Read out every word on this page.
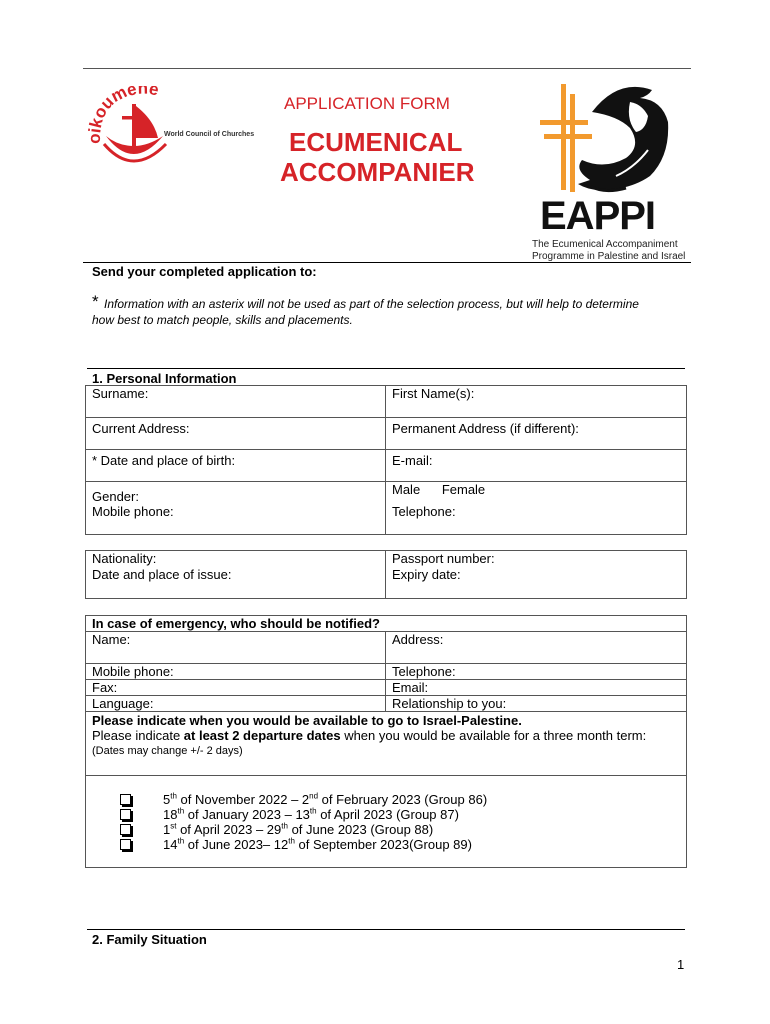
koumene
World Council of Churches
APPLICATION FORM
ECUMENICAL
ACCOMPANIER
EAPPI
The Ecumenical Accompaniment
Programme in Palestine and Israel
Send your completed application to:
* Information with an asterix will not be used as part of the selection process, but will help to determine
how best to match people, skills and placements.
1. Personal Information
Surname:	First Name(s):
Current Address:	Permanent Address (if different):
* Date and place of birth:	E-mail:
Gender:	Male Female
Mobile phone:	Telephone:
Nationality:	Passport number:
Date and place of issue:	Expiry date:
In case of emergency, who should be notified?	
Name:	Address:
Mobile phone:	Telephone:
Fax:	Email:
Language:	Relationship to you:

Please indicate when you would be available to go to Israel-Palestine.
Please indicate at least 2 departure dates when you would be available for a three month term:
(Dates may change +/- 2 days)	

5th of November 2022 – 2nd of February 2023 (Group 86)
18th of January 2023 – 13th of April 2023 (Group 87)
1st of April 2023 – 29th of June 2023 (Group 88)
14th of June 2023– 12th of September 2023(Group 89)	
2. Family Situation
1
